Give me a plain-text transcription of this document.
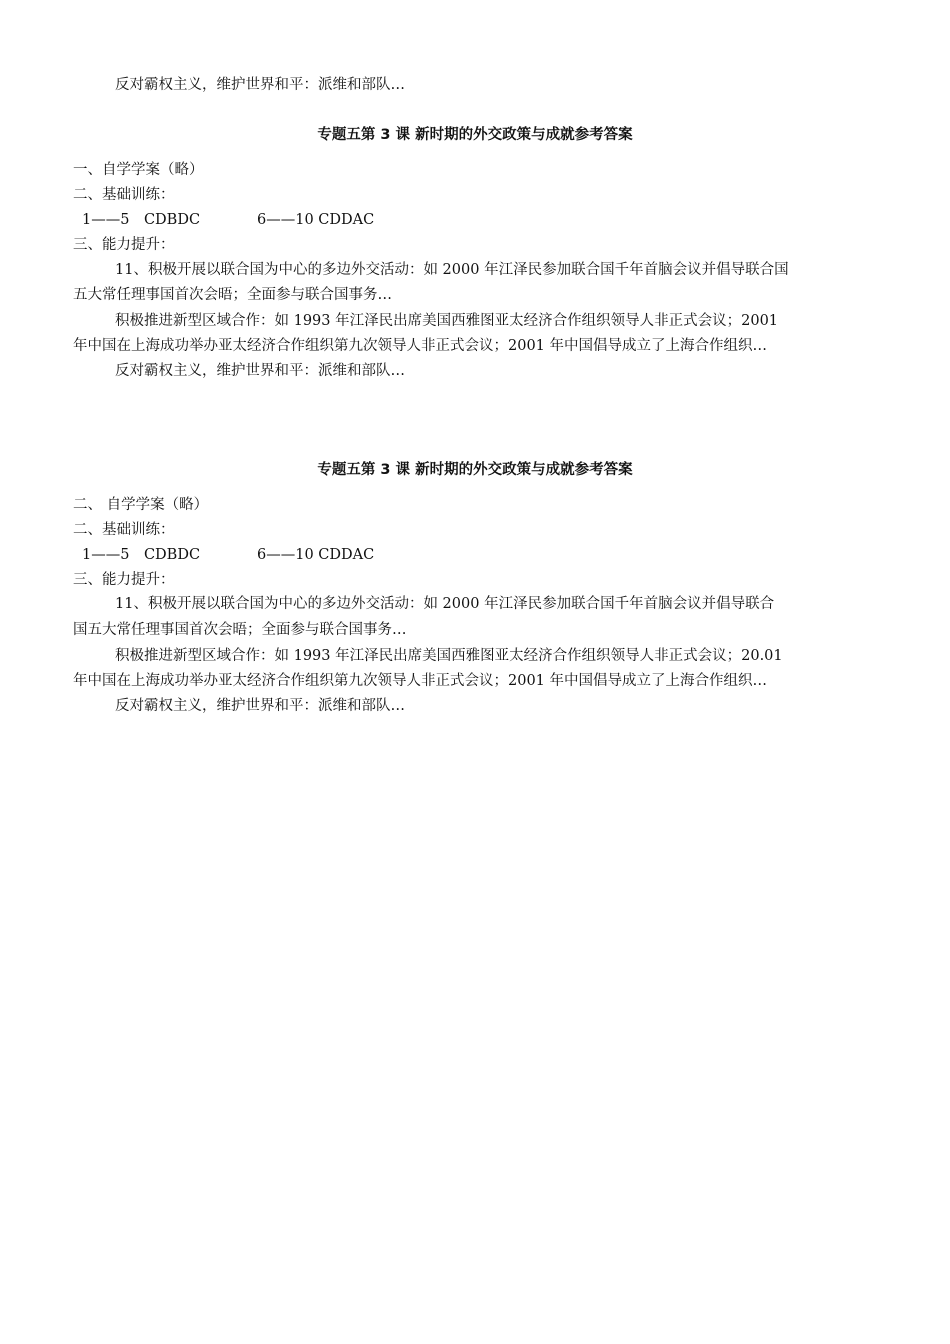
反对霸权主义，维护世界和平：派维和部队…
专题五第 3 课 新时期的外交政策与成就参考答案
一、自学学案（略）
二、基础训练：
1——5　CDBDC	6——10 CDDAC
三、能力提升：
11、积极开展以联合国为中心的多边外交活动：如 2000 年江泽民参加联合国千年首脑会议并倡导联合国
五大常任理事国首次会晤；全面参与联合国事务…
积极推进新型区域合作：如 1993 年江泽民出席美国西雅图亚太经济合作组织领导人非正式会议；2001
年中国在上海成功举办亚太经济合作组织第九次领导人非正式会议；2001 年中国倡导成立了上海合作组织…
反对霸权主义，维护世界和平：派维和部队…
专题五第 3 课 新时期的外交政策与成就参考答案
二、 自学学案（略）
二、基础训练：
1——5　CDBDC	6——10 CDDAC
三、能力提升：
11、积极开展以联合国为中心的多边外交活动：如 2000 年江泽民参加联合国千年首脑会议并倡导联合
国五大常任理事国首次会晤；全面参与联合国事务…
积极推进新型区域合作：如 1993 年江泽民出席美国西雅图亚太经济合作组织领导人非正式会议；20.01
年中国在上海成功举办亚太经济合作组织第九次领导人非正式会议；2001 年中国倡导成立了上海合作组织…
反对霸权主义，维护世界和平：派维和部队…
